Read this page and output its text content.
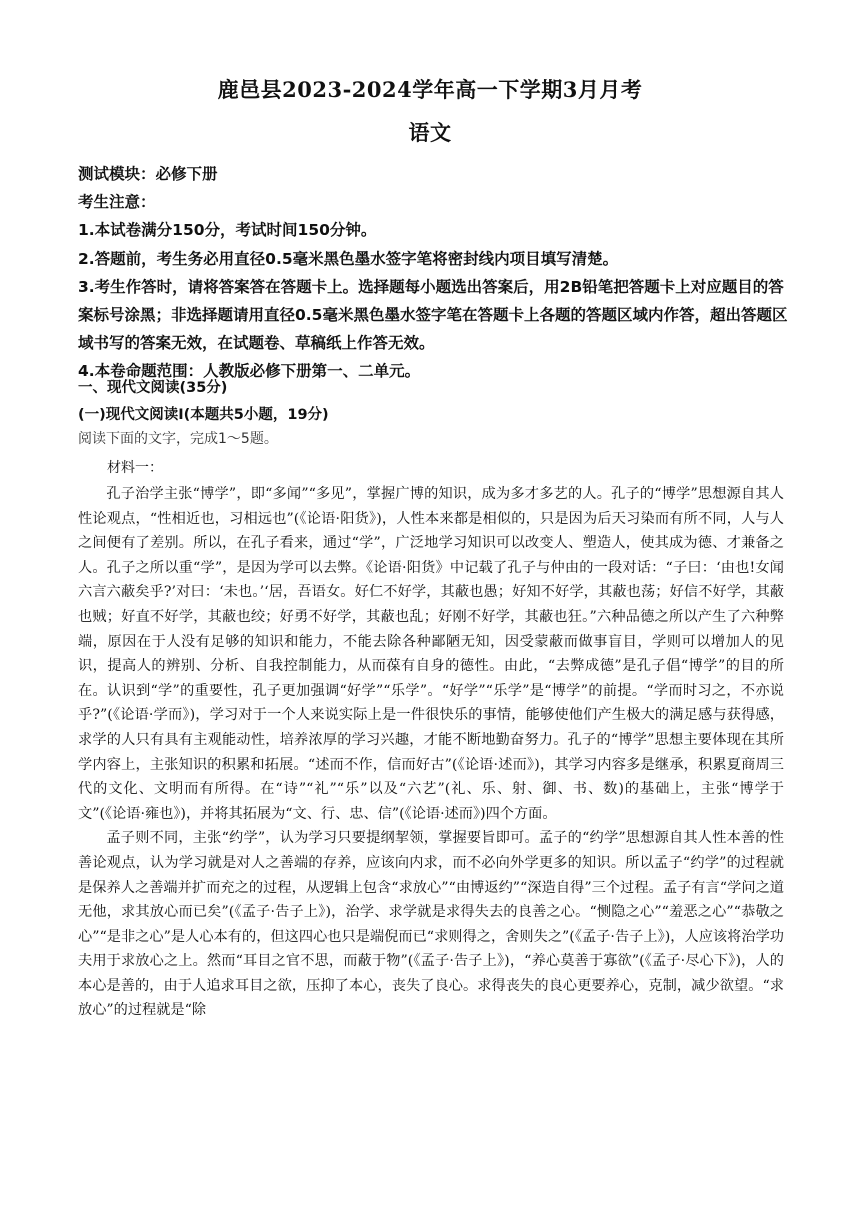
鹿邑县2023-2024学年高一下学期3月月考
语文
测试模块：必修下册
考生注意：
1.本试卷满分150分，考试时间150分钟。
2.答题前，考生务必用直径0.5毫米黑色墨水签字笔将密封线内项目填写清楚。
3.考生作答时，请将答案答在答题卡上。选择题每小题选出答案后，用2B铅笔把答题卡上对应题目的答案标号涂黑；非选择题请用直径0.5毫米黑色墨水签字笔在答题卡上各题的答题区域内作答，超出答题区域书写的答案无效，在试题卷、草稿纸上作答无效。
4.本卷命题范围：人教版必修下册第一、二单元。
一、现代文阅读(35分)
(一)现代文阅读Ⅰ(本题共5小题，19分)
阅读下面的文字，完成1～5题。
材料一：

孔子治学主张“博学”，即“多闻”“多见”，掌握广博的知识，成为多才多艺的人。孔子的“博学”思想源自其人性论观点，“性相近也，习相远也”(《论语·阳货》)，人性本来都是相似的，只是因为后天习染而有所不同，人与人之间便有了差别。所以，在孔子看来，通过“学”，广泛地学习知识可以改变人、塑造人，使其成为德、才兼备之人。孔子之所以重“学”，是因为学可以去弊。《论语·阳货》中记载了孔子与仲由的一段对话：“子曰：‘由也!女闻六言六蔽矣乎?’对曰：‘未也。’‘居，吾语女。好仁不好学，其蔽也愚；好知不好学，其蔽也荡；好信不好学，其蔽也贼；好直不好学，其蔽也绞；好勇不好学，其蔽也乱；好刚不好学，其蔽也狂。”六种品德之所以产生了六种弊端，原因在于人没有足够的知识和能力，不能去除各种鄙陋无知，因受蒙蔽而做事盲目，学则可以增加人的见识，提高人的辨别、分析、自我控制能力，从而葆有自身的德性。由此，“去弊成德”是孔子倡“博学”的目的所在。认识到“学”的重要性，孔子更加强调“好学”“乐学”。“好学”“乐学”是“博学”的前提。“学而时习之，不亦说乎?”(《论语·学而》)，学习对于一个人来说实际上是一件很快乐的事情，能够使他们产生极大的满足感与获得感，求学的人只有具有主观能动性，培养浓厚的学习兴趣，才能不断地勤奋努力。孔子的“博学”思想主要体现在其所学内容上，主张知识的积累和拓展。“述而不作，信而好古”(《论语·述而》)，其学习内容多是继承，积累夏商周三代的文化、文明而有所得。在“诗”“礼”“乐”以及“六艺”(礼、乐、射、御、书、数)的基础上，主张“博学于文”(《论语·雍也》)，并将其拓展为“文、行、忠、信”(《论语·述而》)四个方面。

孟子则不同，主张“约学”，认为学习只要提纲挈领，掌握要旨即可。孟子的“约学”思想源自其人性本善的性善论观点，认为学习就是对人之善端的存养，应该向内求，而不必向外学更多的知识。所以孟子“约学”的过程就是保养人之善端并扩而充之的过程，从逻辑上包含“求放心”“由博返约”“深造自得”三个过程。孟子有言“学问之道无他，求其放心而已矣”(《孟子·告子上》)，治学、求学就是求得失去的良善之心。“恻隐之心”“羞恶之心”“恭敬之心”“是非之心”是人心本有的，但这四心也只是端倪而已“求则得之，舍则失之”(《孟子·告子上》)，人应该将治学功夫用于求放心之上。然而“耳目之官不思，而蔽于物”(《孟子·告子上》)，“养心莫善于寡欲”(《孟子·尽心下》)，人的本心是善的，由于人追求耳目之欲，压抑了本心，丧失了良心。求得丧失的良心更要养心，克制，减少欲望。“求放心”的过程就是“除
